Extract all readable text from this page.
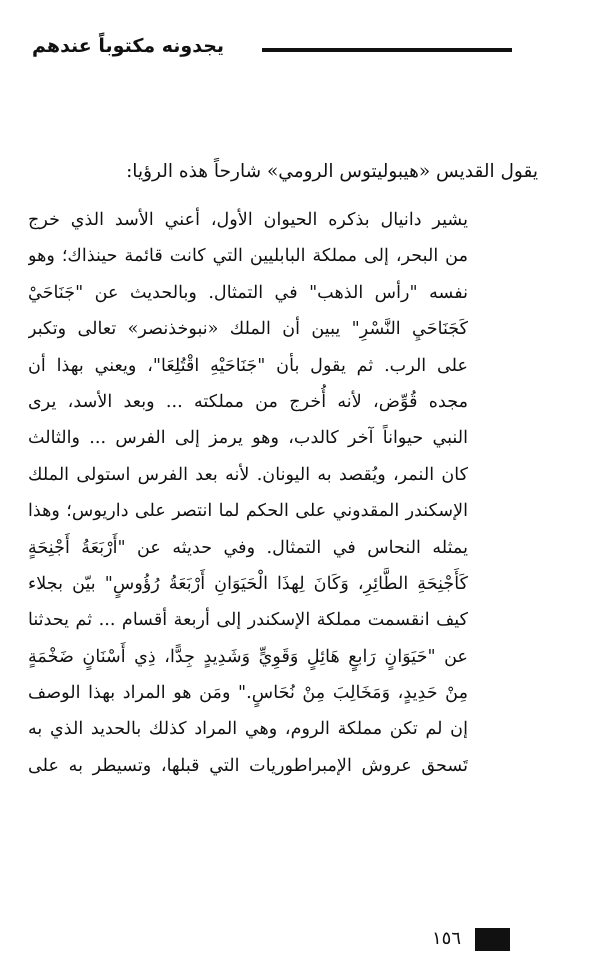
يجدونه مكتوباً عندهم
يقول القديس «هيبوليتوس الرومي» شارحاً هذه الرؤيا:
يشير دانيال بذكره الحيوان الأول، أعني الأسد الذي خرج
من البحر، إلى مملكة البابليين التي كانت قائمة حينذاك؛ وهو
نفسه "رأس الذهب" في التمثال. وبالحديث عن "جَنَاحَيْ
كَجَنَاحَيِ النَّسْرِ" يبين أن الملك «نبوخذنصر» تعالى وتكبر
على الرب. ثم يقول بأن "جَنَاحَيْهِ اقْتُلِعَا"، ويعني بهذا أن
مجده قُوِّض، لأنه أُخرج من مملكته ... وبعد الأسد، يرى
النبي حيواناً آخر كالدب، وهو يرمز إلى الفرس ... والثالث
كان النمر، ويُقصد به اليونان. لأنه بعد الفرس استولى الملك
الإسكندر المقدوني على الحكم لما انتصر على داريوس؛ وهذا
يمثله النحاس في التمثال. وفي حديثه عن "أَرْبَعَةُ أَجْنِحَةٍ
كَأَجْنِحَةِ الطَّائِرِ، وَكَانَ لِهذَا الْحَيَوَانِ أَرْبَعَةُ رُؤُوسٍ" بيّن بجلاء
كيف انقسمت مملكة الإسكندر إلى أربعة أقسام ... ثم يحدثنا
عن "حَيَوَانٍ رَابعٍ هَائِلٍ وَقَوِيٍّ وَشَدِيدٍ جِدًّا، ذِي أَسْنَانٍ ضَخْمَةٍ
مِنْ حَدِيدٍ، وَمَخَالِبَ مِنْ نُحَاسٍ." ومَن هو المراد بهذا الوصف
إن لم تكن مملكة الروم، وهي المراد كذلك بالحديد الذي به
تَسحق عروش الإمبراطوريات التي قبلها، وتسيطر به على
١٥٦
